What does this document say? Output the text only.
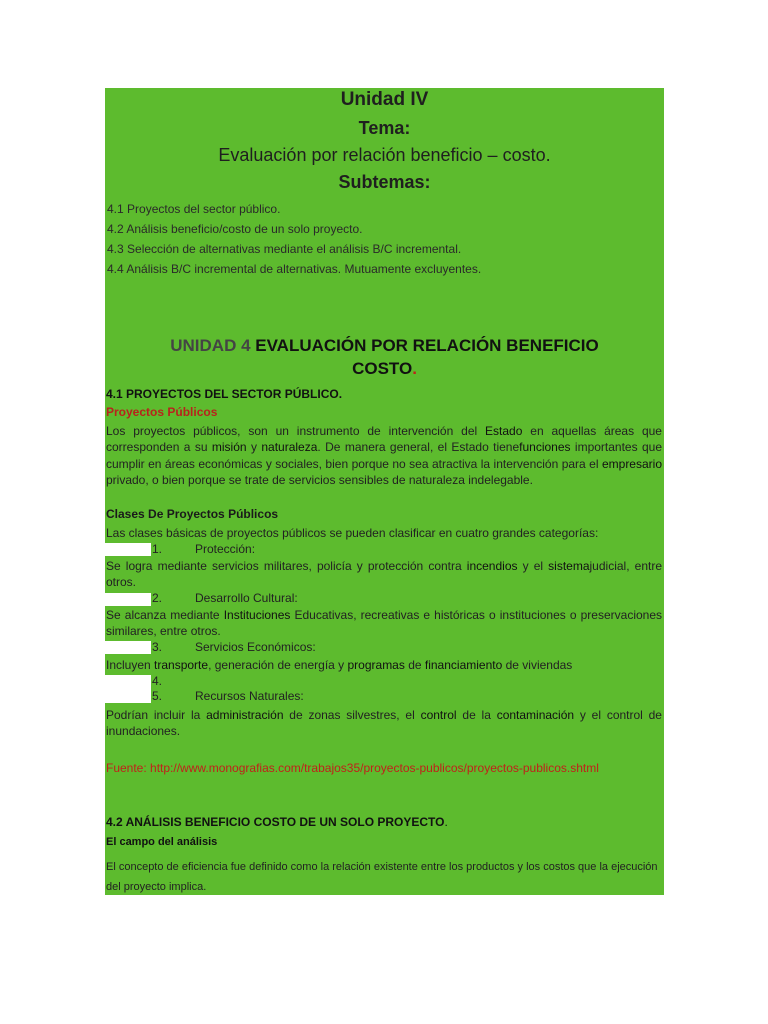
Unidad IV
Tema:
Evaluación por relación beneficio – costo.
Subtemas:
4.1 Proyectos del sector público.
4.2 Análisis beneficio/costo de un solo proyecto.
4.3 Selección de alternativas mediante el análisis B/C incremental.
4.4 Análisis B/C incremental de alternativas. Mutuamente excluyentes.
UNIDAD 4 EVALUACIÓN POR RELACIÓN BENEFICIO
COSTO.
4.1 PROYECTOS DEL SECTOR PÚBLICO.
Proyectos Públicos
Los proyectos públicos, son un instrumento de intervención del Estado en aquellas áreas que corresponden a su misión y naturaleza. De manera general, el Estado tienefunciones importantes que cumplir en áreas económicas y sociales, bien porque no sea atractiva la intervención para el empresario privado, o bien porque se trate de servicios sensibles de naturaleza indelegable.
Clases De Proyectos Públicos
Las clases básicas de proyectos públicos se pueden clasificar en cuatro grandes categorías:
1.	Protección:
Se logra mediante servicios militares, policía y protección contra incendios y el sistemajudicial, entre otros.
2.	Desarrollo Cultural:
Se alcanza mediante Instituciones Educativas, recreativas e históricas o instituciones o preservaciones similares, entre otros.
3.	Servicios Económicos:
Incluyen transporte, generación de energía y programas de financiamiento de viviendas
4.
5.	Recursos Naturales:
Podrían incluir la administración de zonas silvestres, el control de la contaminación y el control de inundaciones.
Fuente: http://www.monografias.com/trabajos35/proyectos-publicos/proyectos-publicos.shtml
4.2 ANÁLISIS BENEFICIO COSTO DE UN SOLO PROYECTO.
El campo del análisis
El concepto de eficiencia fue definido como la relación existente entre los productos y los costos que la ejecución del proyecto implica.
